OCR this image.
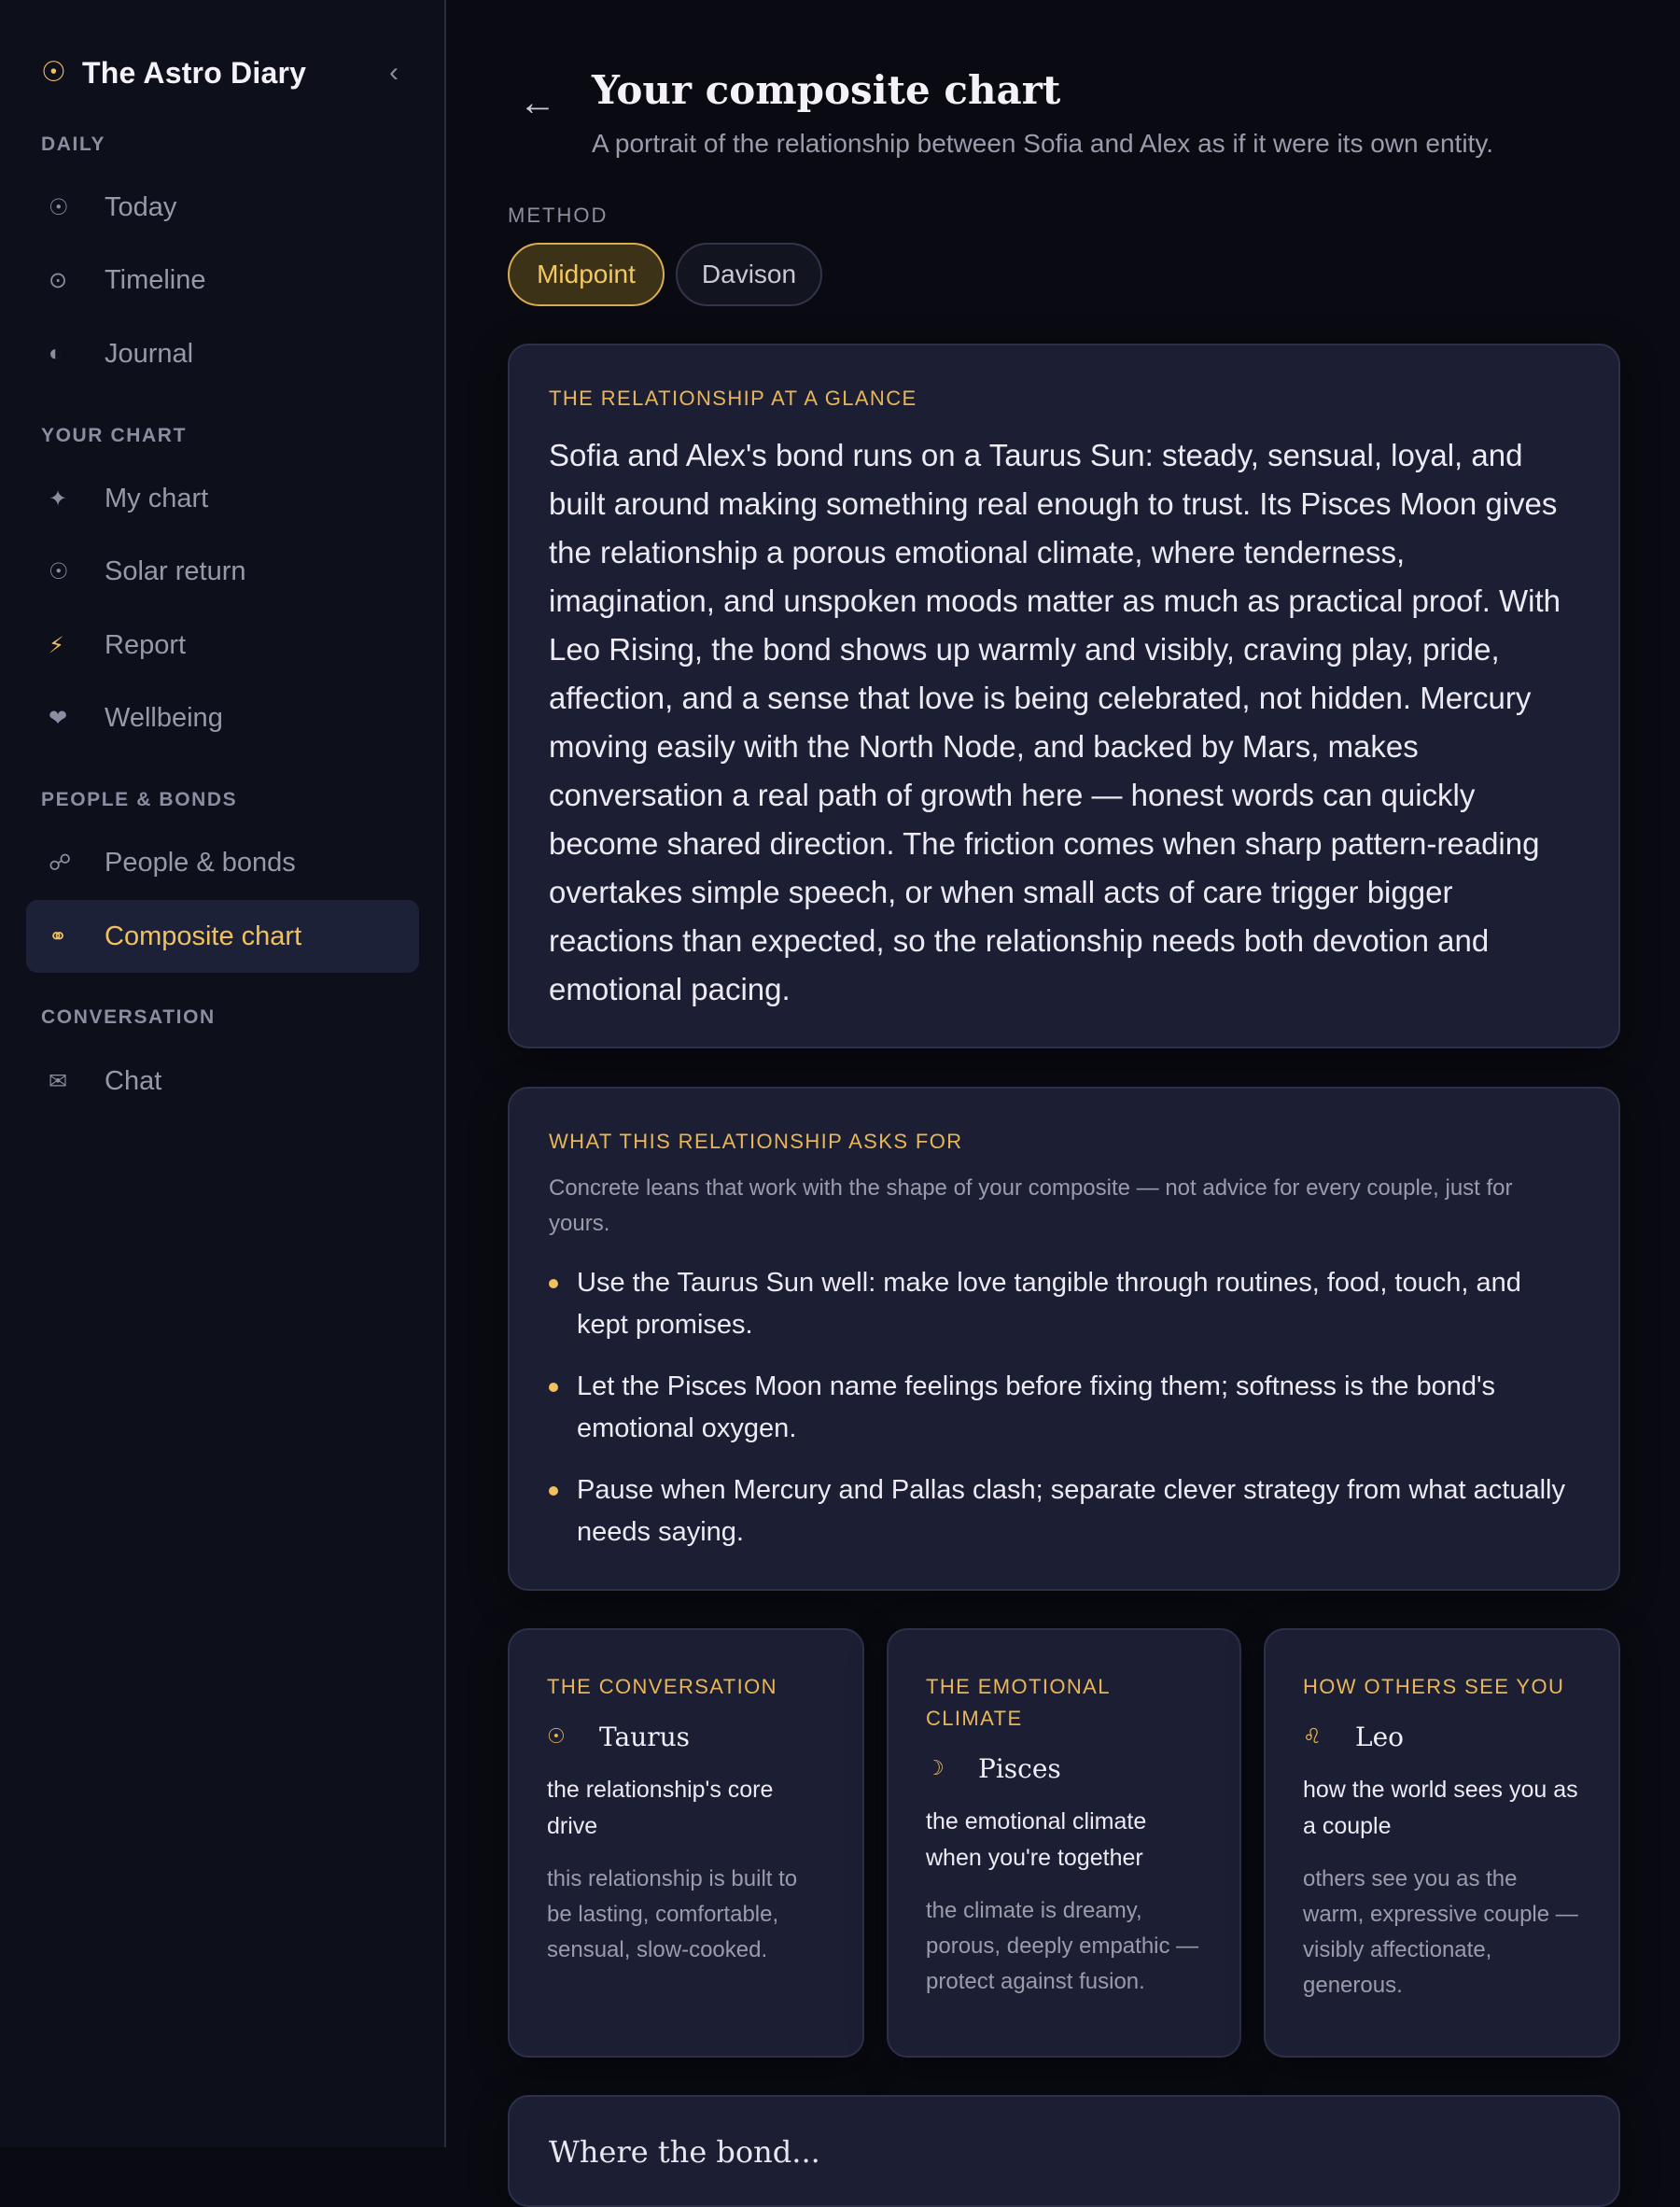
☉ The Astro Diary	‹
DAILY
☉	Today
⊙	Timeline
◐	Journal
YOUR CHART
✦	My chart
☉	Solar return
⚡	Report
❤	Wellbeing
PEOPLE & BONDS
☍	People & bonds
⚭	Composite chart
CONVERSATION
✉	Chat
← Your composite chart

A portrait of the relationship between Sofia and Alex as if it were its own entity.

METHOD
Midpoint	Davison
THE RELATIONSHIP AT A GLANCE

Sofia and Alex's bond runs on a Taurus Sun: steady, sensual, loyal, and built around making something real enough to trust. Its Pisces Moon gives the relationship a porous emotional climate, where tenderness, imagination, and unspoken moods matter as much as practical proof. With Leo Rising, the bond shows up warmly and visibly, craving play, pride, affection, and a sense that love is being celebrated, not hidden. Mercury moving easily with the North Node, and backed by Mars, makes conversation a real path of growth here — honest words can quickly become shared direction. The friction comes when sharp pattern-reading overtakes simple speech, or when small acts of care trigger bigger reactions than expected, so the relationship needs both devotion and emotional pacing.

WHAT THIS RELATIONSHIP ASKS FOR

Concrete leans that work with the shape of your composite — not advice for every couple, just for yours.

Use the Taurus Sun well: make love tangible through routines, food, touch, and kept promises.
Let the Pisces Moon name feelings before fixing them; softness is the bond's emotional oxygen.
Pause when Mercury and Pallas clash; separate clever strategy from what actually needs saying.
THE CONVERSATION
☉	Taurus

the relationship's core drive

this relationship is built to be lasting, comfortable, sensual, slow-cooked.

THE EMOTIONAL CLIMATE
☽	Pisces

the emotional climate when you're together

the climate is dreamy, porous, deeply empathic — protect against fusion.

HOW OTHERS SEE YOU
♌	Leo

how the world sees you as a couple

others see you as the warm, expressive couple — visibly affectionate, generous.

Where the bond...
